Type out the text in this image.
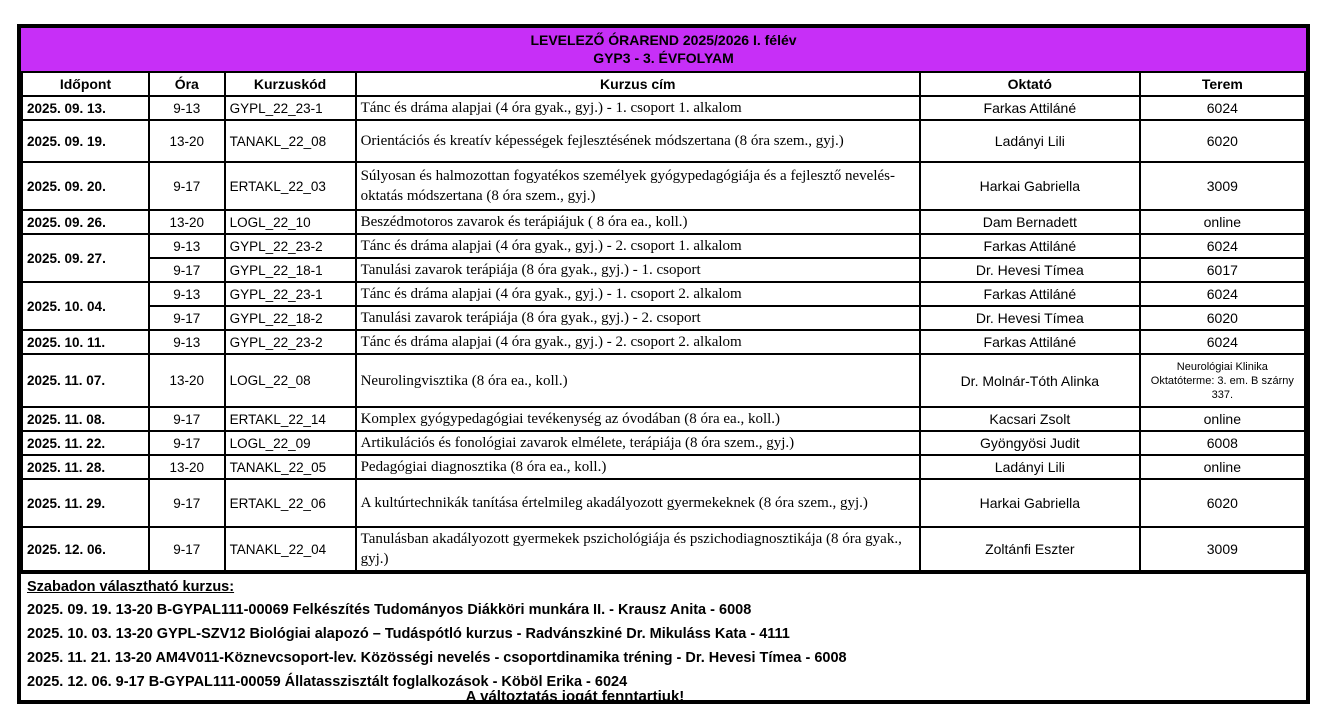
LEVELEZŐ ÓRAREND 2025/2026 I. félév
GYP3 - 3. ÉVFOLYAM
Időpont	Óra	Kurzuskód	Kurzus cím	Oktató	Terem
2025. 09. 13.	9-13	GYPL_22_23-1	Tánc és dráma alapjai (4 óra gyak., gyj.) - 1. csoport 1. alkalom	Farkas Attiláné	6024
2025. 09. 19.	13-20	TANAKL_22_08	Orientációs és kreatív képességek fejlesztésének módszertana (8 óra szem., gyj.)	Ladányi Lili	6020
2025. 09. 20.	9-17	ERTAKL_22_03	Súlyosan és halmozottan fogyatékos személyek gyógypedagógiája és a fejlesztő nevelés-oktatás módszertana (8 óra szem., gyj.)	Harkai Gabriella	3009
2025. 09. 26.	13-20	LOGL_22_10	Beszédmotoros zavarok és terápiájuk ( 8 óra ea., koll.)	Dam Bernadett	online
2025. 09. 27.	9-13	GYPL_22_23-2	Tánc és dráma alapjai (4 óra gyak., gyj.) - 2. csoport 1. alkalom	Farkas Attiláné	6024
	9-17	GYPL_22_18-1	Tanulási zavarok terápiája (8 óra gyak., gyj.) - 1. csoport	Dr. Hevesi Tímea	6017
2025. 10. 04.	9-13	GYPL_22_23-1	Tánc és dráma alapjai (4 óra gyak., gyj.) - 1. csoport 2. alkalom	Farkas Attiláné	6024
	9-17	GYPL_22_18-2	Tanulási zavarok terápiája (8 óra gyak., gyj.) - 2. csoport	Dr. Hevesi Tímea	6020
2025. 10. 11.	9-13	GYPL_22_23-2	Tánc és dráma alapjai (4 óra gyak., gyj.) - 2. csoport 2. alkalom	Farkas Attiláné	6024
2025. 11. 07.	13-20	LOGL_22_08	Neurolingvisztika (8 óra ea., koll.)	Dr. Molnár-Tóth Alinka	Neurológiai Klinika
Oktatóterme: 3. em. B szárny
337.

2025. 11. 08.	9-17	ERTAKL_22_14	Komplex gyógypedagógiai tevékenység az óvodában (8 óra ea., koll.)	Kacsari Zsolt	online
2025. 11. 22.	9-17	LOGL_22_09	Artikulációs és fonológiai zavarok elmélete, terápiája (8 óra szem., gyj.)	Gyöngyösi Judit	6008
2025. 11. 28.	13-20	TANAKL_22_05	Pedagógiai diagnosztika (8 óra ea., koll.)	Ladányi Lili	online
2025. 11. 29.	9-17	ERTAKL_22_06	A kultúrtechnikák tanítása értelmileg akadályozott gyermekeknek (8 óra szem., gyj.)	Harkai Gabriella	6020
2025. 12. 06.	9-17	TANAKL_22_04	Tanulásban akadályozott gyermekek pszichológiája és pszichodiagnosztikája (8 óra gyak., gyj.)	Zoltánfi Eszter	3009
Szabadon választható kurzus:
2025. 09. 19. 13-20 B-GYPAL111-00069 Felkészítés Tudományos Diákköri munkára II. - Krausz Anita - 6008
2025. 10. 03. 13-20 GYPL-SZV12 Biológiai alapozó – Tudáspótló kurzus - Radvánszkiné Dr. Mikuláss Kata - 4111
2025. 11. 21. 13-20 AM4V011-Köznevcsoport-lev. Közösségi nevelés - csoportdinamika tréning - Dr. Hevesi Tímea - 6008
2025. 12. 06. 9-17 B-GYPAL111-00059 Állatasszisztált foglalkozások - Köböl Erika - 6024
A változtatás jogát fenntartjuk!
